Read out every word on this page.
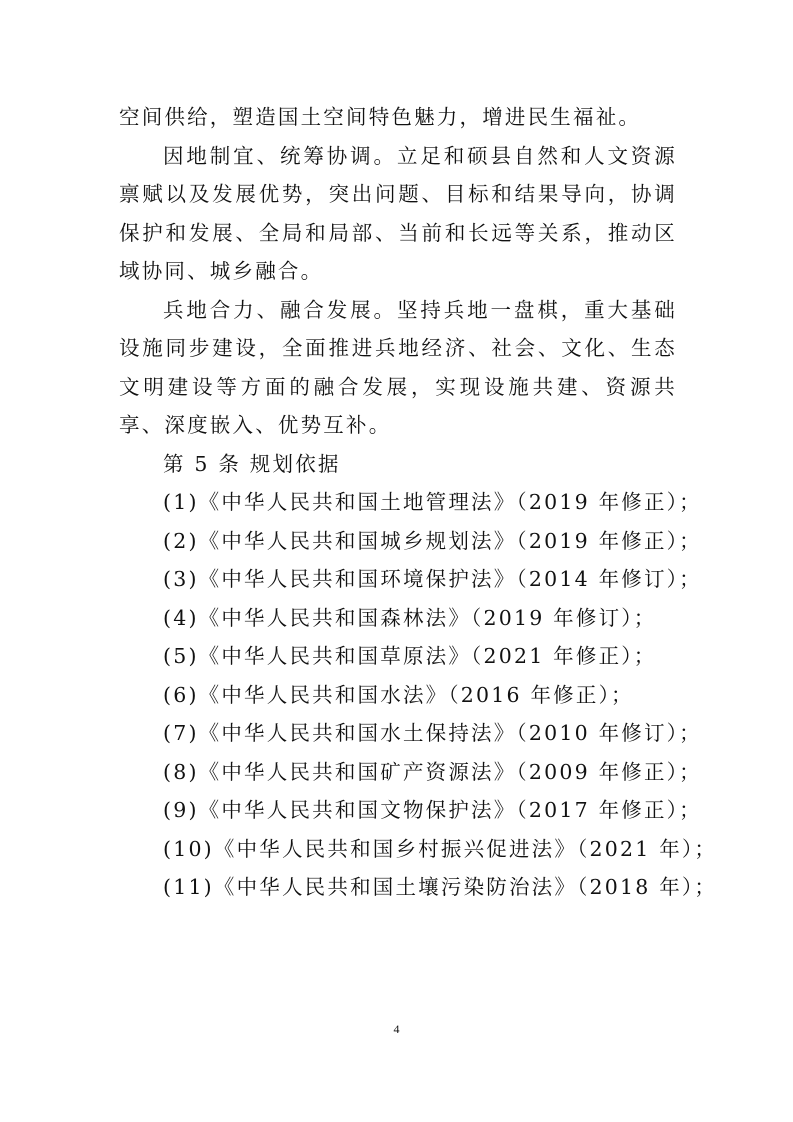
空间供给，塑造国土空间特色魅力，增进民生福祉。

因地制宜、统筹协调。立足和硕县自然和人文资源禀赋以及发展优势，突出问题、目标和结果导向，协调保护和发展、全局和局部、当前和长远等关系，推动区域协同、城乡融合。

兵地合力、融合发展。坚持兵地一盘棋，重大基础设施同步建设，全面推进兵地经济、社会、文化、生态文明建设等方面的融合发展，实现设施共建、资源共享、深度嵌入、优势互补。

第 5 条 规划依据

(1)《中华人民共和国土地管理法》（2019 年修正）；

(2)《中华人民共和国城乡规划法》（2019 年修正）；

(3)《中华人民共和国环境保护法》（2014 年修订）；

(4)《中华人民共和国森林法》（2019 年修订）；

(5)《中华人民共和国草原法》（2021 年修正）；

(6)《中华人民共和国水法》（2016 年修正）；

(7)《中华人民共和国水土保持法》（2010 年修订）；

(8)《中华人民共和国矿产资源法》（2009 年修正）；

(9)《中华人民共和国文物保护法》（2017 年修正）；

(10)《中华人民共和国乡村振兴促进法》（2021 年）；

(11)《中华人民共和国土壤污染防治法》（2018 年）；

4
